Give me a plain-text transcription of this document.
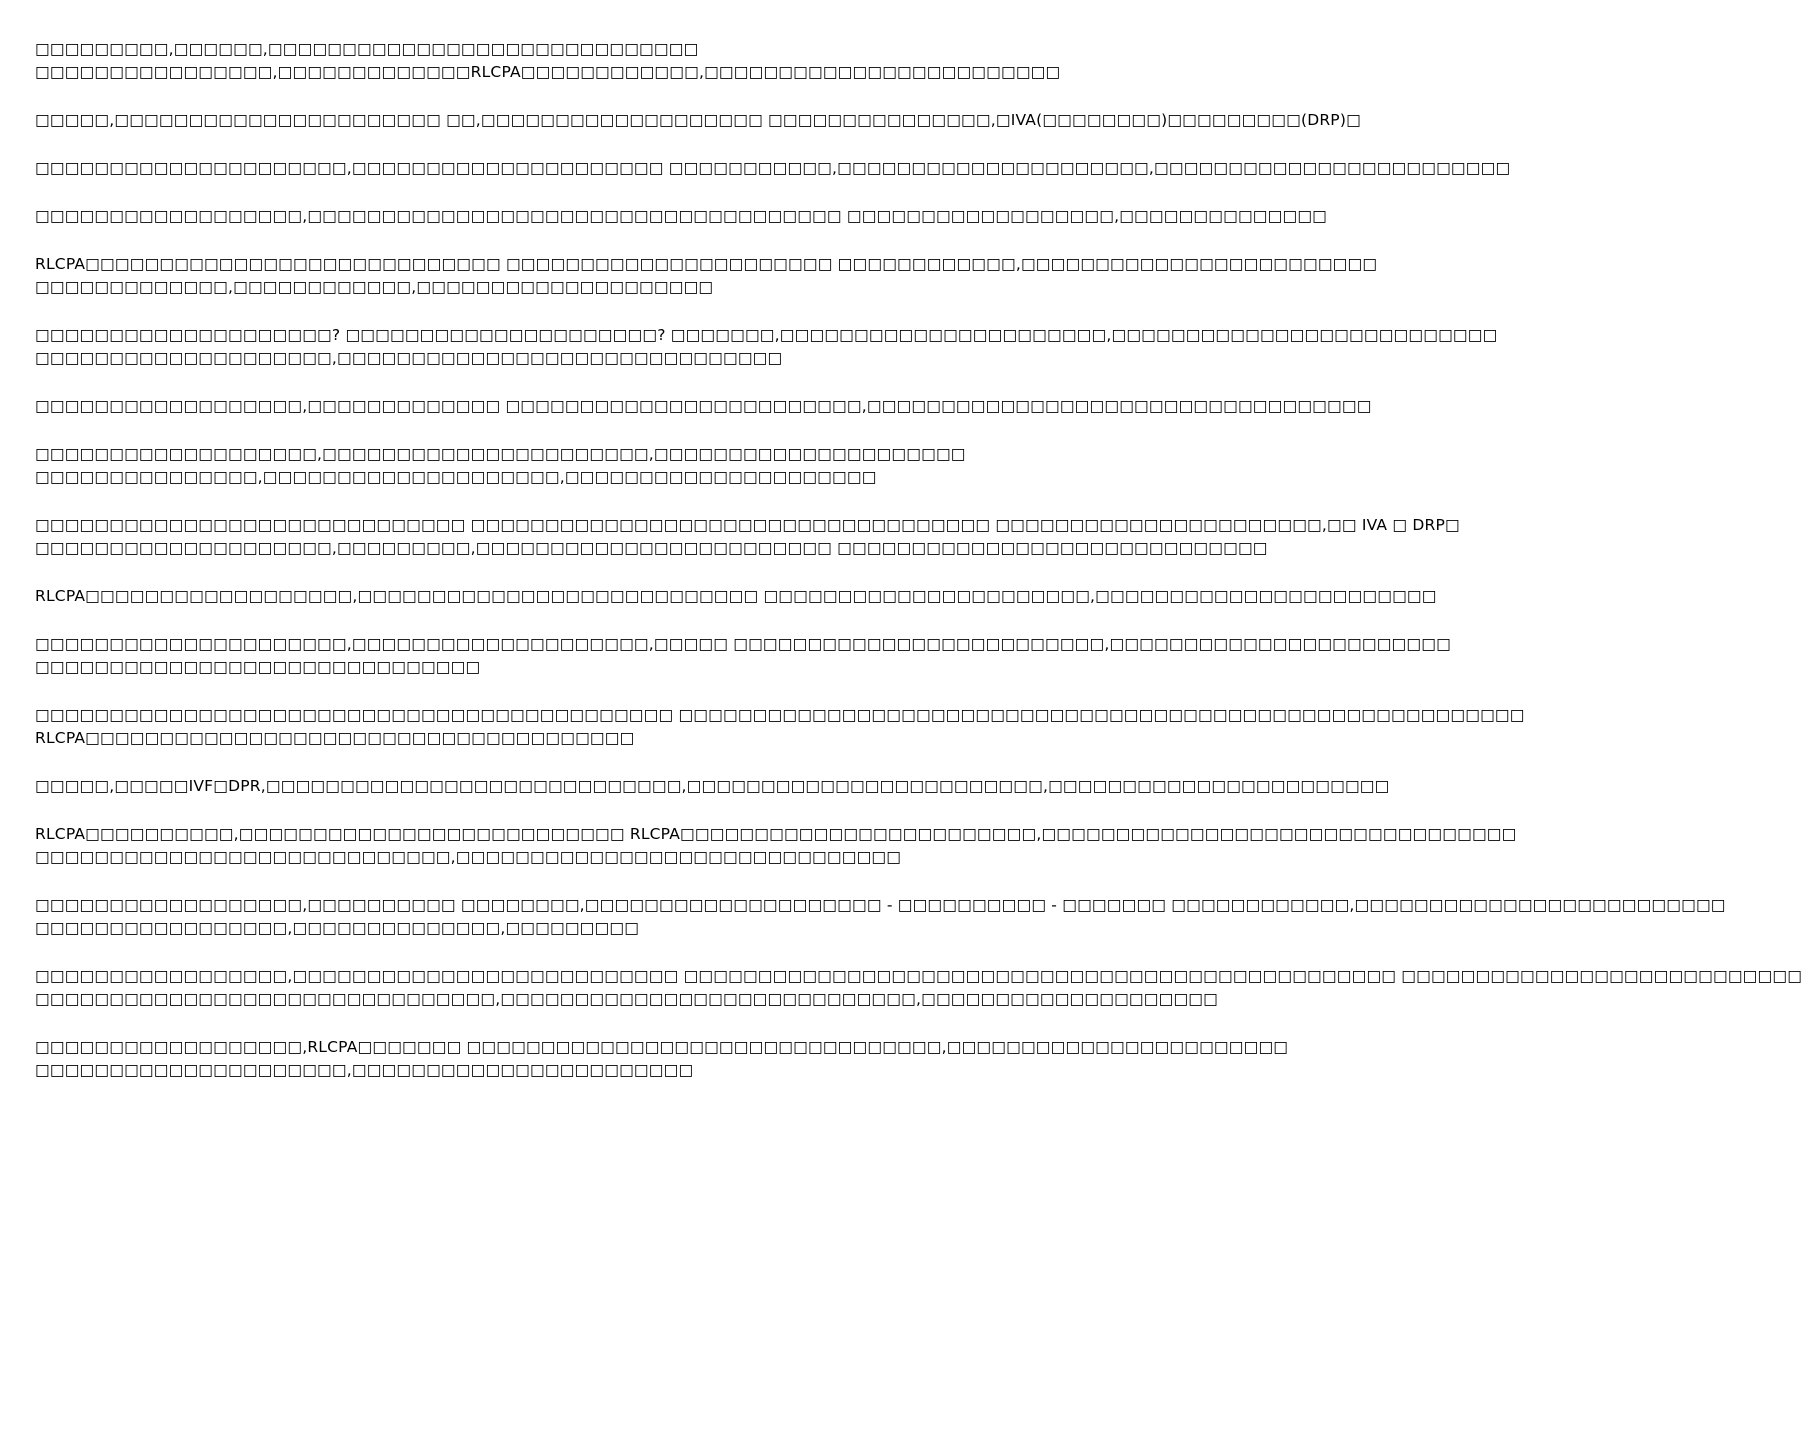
□□□□□□□□□,□□□□□□,□□□□□□□□□□□□□□□□□□□□□□□□□□□□□
□□□□□□□□□□□□□□□□,□□□□□□□□□□□□□RLCPA□□□□□□□□□□□□,□□□□□□□□□□□□□□□□□□□□□□□□

□□□□□,□□□□□□□□□□□□□□□□□□□□□□ □□,□□□□□□□□□□□□□□□□□□□ □□□□□□□□□□□□□□□,□IVA(□□□□□□□□)□□□□□□□□□(DRP)□

□□□□□□□□□□□□□□□□□□□□□,□□□□□□□□□□□□□□□□□□□□□ □□□□□□□□□□□,□□□□□□□□□□□□□□□□□□□□□,□□□□□□□□□□□□□□□□□□□□□□□□

□□□□□□□□□□□□□□□□□□,□□□□□□□□□□□□□□□□□□□□□□□□□□□□□□□□□□□□ □□□□□□□□□□□□□□□□□□,□□□□□□□□□□□□□□

RLCPA□□□□□□□□□□□□□□□□□□□□□□□□□□□□ □□□□□□□□□□□□□□□□□□□□□□ □□□□□□□□□□□□,□□□□□□□□□□□□□□□□□□□□□□□□
□□□□□□□□□□□□□,□□□□□□□□□□□□,□□□□□□□□□□□□□□□□□□□□

□□□□□□□□□□□□□□□□□□□□? □□□□□□□□□□□□□□□□□□□□□? □□□□□□□,□□□□□□□□□□□□□□□□□□□□□□,□□□□□□□□□□□□□□□□□□□□□□□□□□
□□□□□□□□□□□□□□□□□□□□,□□□□□□□□□□□□□□□□□□□□□□□□□□□□□□

□□□□□□□□□□□□□□□□□□,□□□□□□□□□□□□□ □□□□□□□□□□□□□□□□□□□□□□□□,□□□□□□□□□□□□□□□□□□□□□□□□□□□□□□□□□□

□□□□□□□□□□□□□□□□□□□,□□□□□□□□□□□□□□□□□□□□□□,□□□□□□□□□□□□□□□□□□□□□
□□□□□□□□□□□□□□□,□□□□□□□□□□□□□□□□□□□□,□□□□□□□□□□□□□□□□□□□□□

□□□□□□□□□□□□□□□□□□□□□□□□□□□□□ □□□□□□□□□□□□□□□□□□□□□□□□□□□□□□□□□□□ □□□□□□□□□□□□□□□□□□□□□□,□□ IVA □ DRP□
□□□□□□□□□□□□□□□□□□□□,□□□□□□□□□,□□□□□□□□□□□□□□□□□□□□□□□□ □□□□□□□□□□□□□□□□□□□□□□□□□□□□□

RLCPA□□□□□□□□□□□□□□□□□□,□□□□□□□□□□□□□□□□□□□□□□□□□□□ □□□□□□□□□□□□□□□□□□□□□□,□□□□□□□□□□□□□□□□□□□□□□□

□□□□□□□□□□□□□□□□□□□□□,□□□□□□□□□□□□□□□□□□□□,□□□□□ □□□□□□□□□□□□□□□□□□□□□□□□□,□□□□□□□□□□□□□□□□□□□□□□□
□□□□□□□□□□□□□□□□□□□□□□□□□□□□□□

□□□□□□□□□□□□□□□□□□□□□□□□□□□□□□□□□□□□□□□□□□□ □□□□□□□□□□□□□□□□□□□□□□□□□□□□□□□□□□□□□□□□□□□□□□□□□□□□□□□□□
RLCPA□□□□□□□□□□□□□□□□□□□□□□□□□□□□□□□□□□□□□

□□□□□,□□□□□IVF□DPR,□□□□□□□□□□□□□□□□□□□□□□□□□□□□,□□□□□□□□□□□□□□□□□□□□□□□□,□□□□□□□□□□□□□□□□□□□□□□□

RLCPA□□□□□□□□□□,□□□□□□□□□□□□□□□□□□□□□□□□□□ RLCPA□□□□□□□□□□□□□□□□□□□□□□□□,□□□□□□□□□□□□□□□□□□□□□□□□□□□□□□□□
□□□□□□□□□□□□□□□□□□□□□□□□□□□□,□□□□□□□□□□□□□□□□□□□□□□□□□□□□□□

□□□□□□□□□□□□□□□□□□,□□□□□□□□□□ □□□□□□□□,□□□□□□□□□□□□□□□□□□□□ - □□□□□□□□□□ - □□□□□□□ □□□□□□□□□□□□,□□□□□□□□□□□□□□□□□□□□□□□□□
□□□□□□□□□□□□□□□□□,□□□□□□□□□□□□□□,□□□□□□□□□

□□□□□□□□□□□□□□□□□,□□□□□□□□□□□□□□□□□□□□□□□□□□ □□□□□□□□□□□□□□□□□□□□□□□□□□□□□□□□□□□□□□□□□□□□□□□□ □□□□□□□□□□□□□□□□□□□□□□□□□□□
□□□□□□□□□□□□□□□□□□□□□□□□□□□□□□□,□□□□□□□□□□□□□□□□□□□□□□□□□□□□,□□□□□□□□□□□□□□□□□□□□

□□□□□□□□□□□□□□□□□□,RLCPA□□□□□□□ □□□□□□□□□□□□□□□□□□□□□□□□□□□□□□□□,□□□□□□□□□□□□□□□□□□□□□□□
□□□□□□□□□□□□□□□□□□□□□,□□□□□□□□□□□□□□□□□□□□□□□
